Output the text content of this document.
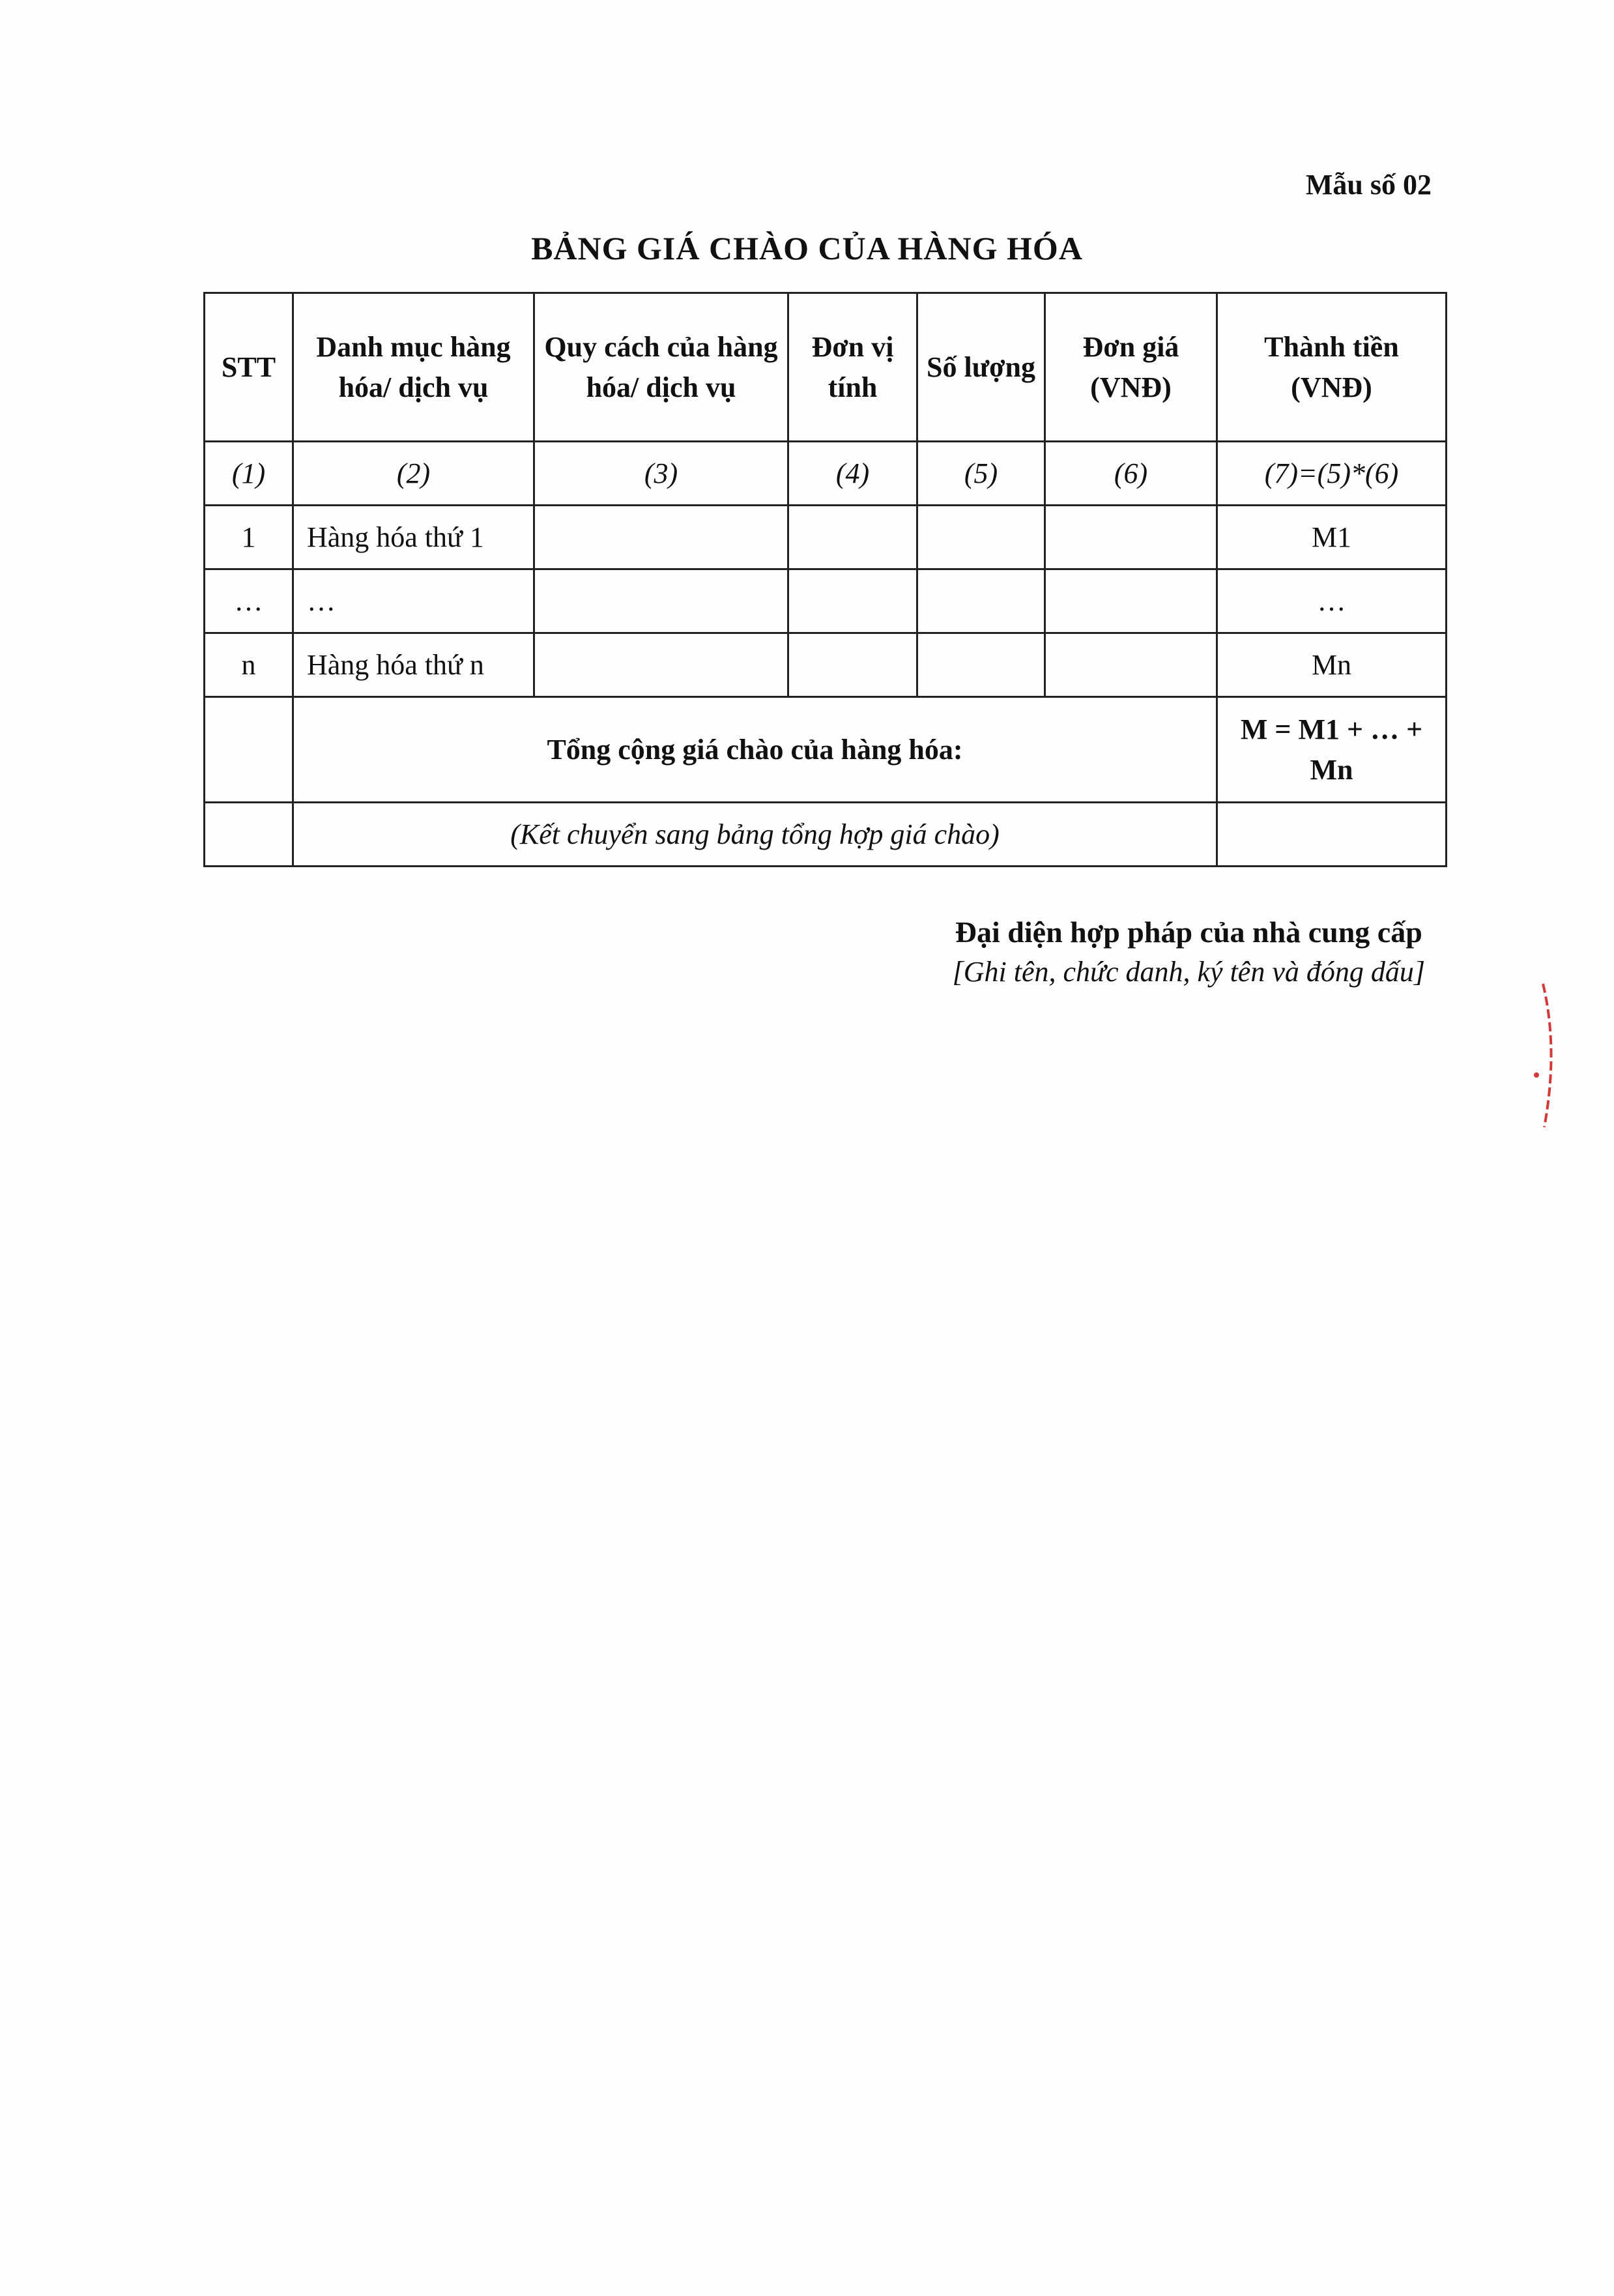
Mẫu số 02
BẢNG GIÁ CHÀO CỦA HÀNG HÓA
STT	Danh mục hàng hóa/ dịch vụ	Quy cách của hàng hóa/ dịch vụ	Đơn vị tính	Số lượng	Đơn giá (VNĐ)	Thành tiền (VNĐ)
(1)	(2)	(3)	(4)	(5)	(6)	(7)=(5)*(6)
1	Hàng hóa thứ 1					M1
…	…					…
n	Hàng hóa thứ n					Mn
	Tổng cộng giá chào của hàng hóa:					M = M1 + … + Mn
	(Kết chuyển sang bảng tổng hợp giá chào)					
Đại diện hợp pháp của nhà cung cấp
[Ghi tên, chức danh, ký tên và đóng dấu]
